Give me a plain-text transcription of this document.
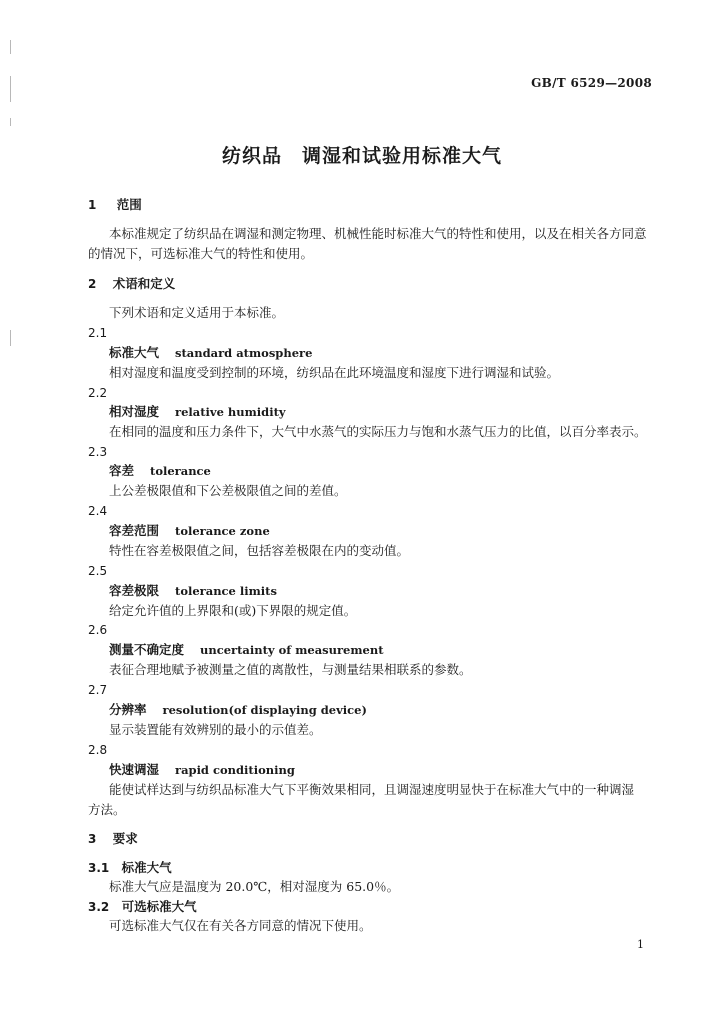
GB/T 6529—2008
纺织品　调湿和试验用标准大气
1 范围
本标准规定了纺织品在调湿和测定物理、机械性能时标准大气的特性和使用，以及在相关各方同意
的情况下，可选标准大气的特性和使用。
2 术语和定义
下列术语和定义适用于本标准。
2.1
标准大气 standard atmosphere
相对湿度和温度受到控制的环境，纺织品在此环境温度和湿度下进行调湿和试验。
2.2
相对湿度 relative humidity
在相同的温度和压力条件下，大气中水蒸气的实际压力与饱和水蒸气压力的比值，以百分率表示。
2.3
容差 tolerance
上公差极限值和下公差极限值之间的差值。
2.4
容差范围 tolerance zone
特性在容差极限值之间，包括容差极限在内的变动值。
2.5
容差极限 tolerance limits
给定允许值的上界限和(或)下界限的规定值。
2.6
测量不确定度 uncertainty of measurement
表征合理地赋予被测量之值的离散性，与测量结果相联系的参数。
2.7
分辨率 resolution(of displaying device)
显示装置能有效辨别的最小的示值差。
2.8
快速调湿 rapid conditioning
能使试样达到与纺织品标准大气下平衡效果相同，且调湿速度明显快于在标准大气中的一种调湿
方法。
3 要求
3.1 标准大气
标准大气应是温度为 20.0℃，相对湿度为 65.0％。
3.2 可选标准大气
可选标准大气仅在有关各方同意的情况下使用。
1
